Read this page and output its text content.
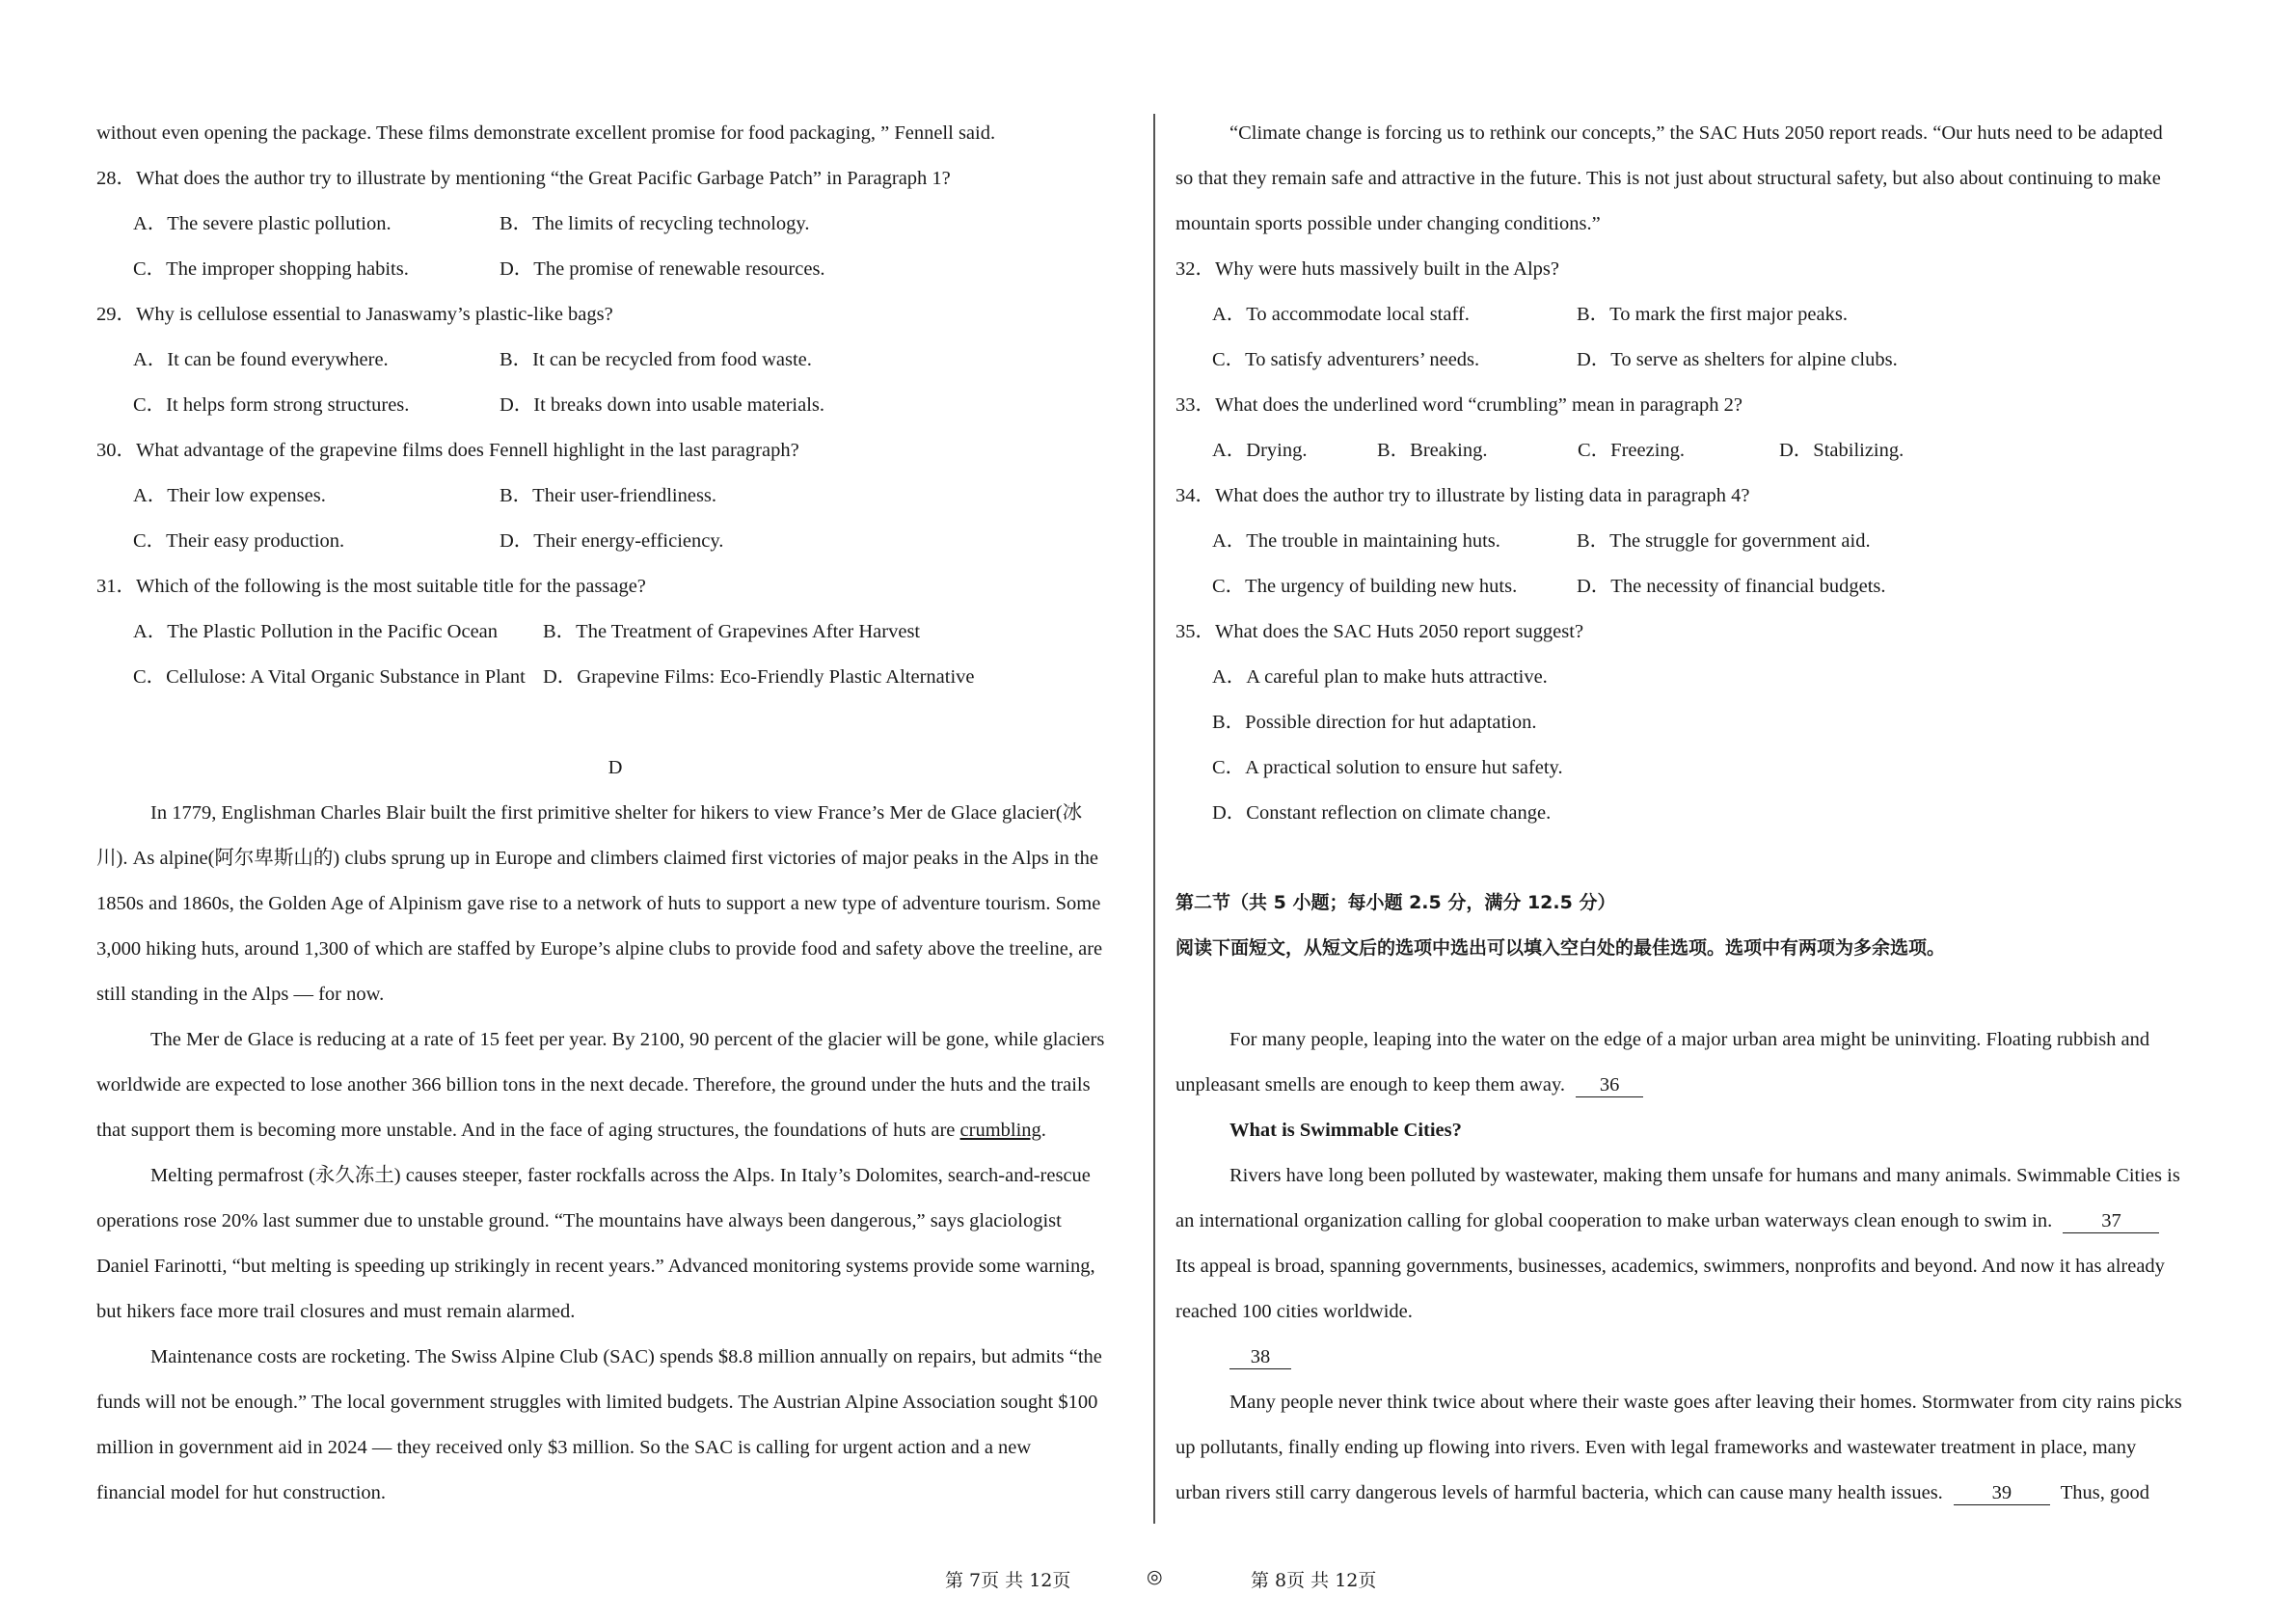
without even opening the package. These films demonstrate excellent promise for food packaging, ” Fennell said.
28．What does the author try to illustrate by mentioning “the Great Pacific Garbage Patch” in Paragraph 1?
A．The severe plastic pollution.	B．The limits of recycling technology.
C．The improper shopping habits.	D．The promise of renewable resources.
29．Why is cellulose essential to Janaswamy’s plastic-like bags?
A．It can be found everywhere.	B．It can be recycled from food waste.
C．It helps form strong structures.	D．It breaks down into usable materials.
30．What advantage of the grapevine films does Fennell highlight in the last paragraph?
A．Their low expenses.	B．Their user-friendliness.
C．Their easy production.	D．Their energy-efficiency.
31．Which of the following is the most suitable title for the passage?
A．The Plastic Pollution in the Pacific Ocean B．The Treatment of Grapevines After Harvest
C．Cellulose: A Vital Organic Substance in Plant D．Grapevine Films: Eco-Friendly Plastic Alternative
D
In 1779, Englishman Charles Blair built the first primitive shelter for hikers to view France’s Mer de Glace glacier(冰
川). As alpine(阿尔卑斯山的) clubs sprung up in Europe and climbers claimed first victories of major peaks in the Alps in the
1850s and 1860s, the Golden Age of Alpinism gave rise to a network of huts to support a new type of adventure tourism. Some
3,000 hiking huts, around 1,300 of which are staffed by Europe’s alpine clubs to provide food and safety above the treeline, are
still standing in the Alps — for now.
The Mer de Glace is reducing at a rate of 15 feet per year. By 2100, 90 percent of the glacier will be gone, while glaciers
worldwide are expected to lose another 366 billion tons in the next decade. Therefore, the ground under the huts and the trails
that support them is becoming more unstable. And in the face of aging structures, the foundations of huts are crumbling.
Melting permafrost (永久冻土) causes steeper, faster rockfalls across the Alps. In Italy’s Dolomites, search-and-rescue
operations rose 20% last summer due to unstable ground. “The mountains have always been dangerous,” says glaciologist
Daniel Farinotti, “but melting is speeding up strikingly in recent years.” Advanced monitoring systems provide some warning,
but hikers face more trail closures and must remain alarmed.
Maintenance costs are rocketing. The Swiss Alpine Club (SAC) spends $8.8 million annually on repairs, but admits “the
funds will not be enough.” The local government struggles with limited budgets. The Austrian Alpine Association sought $100
million in government aid in 2024 — they received only $3 million. So the SAC is calling for urgent action and a new
financial model for hut construction.
“Climate change is forcing us to rethink our concepts,” the SAC Huts 2050 report reads. “Our huts need to be adapted
so that they remain safe and attractive in the future. This is not just about structural safety, but also about continuing to make
mountain sports possible under changing conditions.”
32．Why were huts massively built in the Alps?
A．To accommodate local staff.	B．To mark the first major peaks.
C．To satisfy adventurers’ needs.	D．To serve as shelters for alpine clubs.
33．What does the underlined word “crumbling” mean in paragraph 2?
A．Drying.	B．Breaking.	C．Freezing.	D．Stabilizing.
34．What does the author try to illustrate by listing data in paragraph 4?
A．The trouble in maintaining huts.	B．The struggle for government aid.
C．The urgency of building new huts.	D．The necessity of financial budgets.
35．What does the SAC Huts 2050 report suggest?
A．A careful plan to make huts attractive.
B．Possible direction for hut adaptation.
C．A practical solution to ensure hut safety.
D．Constant reflection on climate change.
第二节（共 5 小题；每小题 2.5 分，满分 12.5 分）
阅读下面短文，从短文后的选项中选出可以填入空白处的最佳选项。选项中有两项为多余选项。
For many people, leaping into the water on the edge of a major urban area might be uninviting. Floating rubbish and
unpleasant smells are enough to keep them away. 36
What is Swimmable Cities?
Rivers have long been polluted by wastewater, making them unsafe for humans and many animals. Swimmable Cities is
an international organization calling for global cooperation to make urban waterways clean enough to swim in. 37
Its appeal is broad, spanning governments, businesses, academics, swimmers, nonprofits and beyond. And now it has already
reached 100 cities worldwide.
38
Many people never think twice about where their waste goes after leaving their homes. Stormwater from city rains picks
up pollutants, finally ending up flowing into rivers. Even with legal frameworks and wastewater treatment in place, many
urban rivers still carry dangerous levels of harmful bacteria, which can cause many health issues. 39 Thus, good
第 7页 共 12页	◎	第 8页 共 12页
